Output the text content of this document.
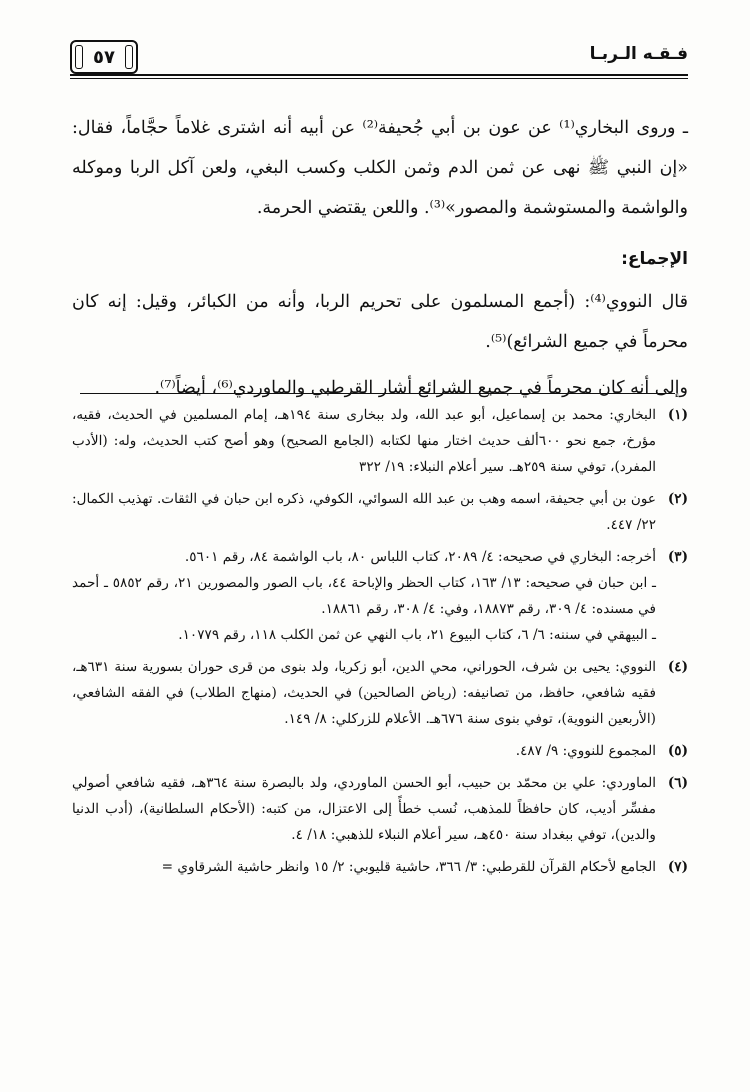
فـقـه الـربـا
٥٧

ـ وروى البخاري⁽¹⁾ عن عون بن أبي جُحيفة⁽²⁾ عن أبيه أنه اشترى غلاماً حجَّاماً، فقال: «إن النبي ﷺ نهى عن ثمن الدم وثمن الكلب وكسب البغي، ولعن آكل الربا وموكله والواشمة والمستوشمة والمصور»⁽³⁾. واللعن يقتضي الحرمة.

الإجماع:

قال النووي⁽⁴⁾: (أجمع المسلمون على تحريم الربا، وأنه من الكبائر، وقيل: إنه كان محرماً في جميع الشرائع)⁽⁵⁾.

وإلى أنه كان محرماً في جميع الشرائع أشار القرطبي والماوردي⁽⁶⁾، أيضاً⁽⁷⁾.

(١)

البخاري: محمد بن إسماعيل، أبو عبد الله، ولد ببخارى سنة ١٩٤هـ، إمام المسلمين في الحديث، فقيه، مؤرخ، جمع نحو ٦٠٠ألف حديث اختار منها لكتابه (الجامع الصحيح) وهو أصح كتب الحديث، وله: (الأدب المفرد)، توفي سنة ٢٥٩هـ. سير أعلام النبلاء: ١٩/ ٣٢٢

(٢)

عون بن أبي جحيفة، اسمه وهب بن عبد الله السوائي، الكوفي، ذكره ابن حبان في الثقات. تهذيب الكمال: ٢٢/ ٤٤٧.

(٣)

أخرجه: البخاري في صحيحه: ٤/ ٢٠٨٩، كتاب اللباس ٨٠، باب الواشمة ٨٤، رقم ٥٦٠١.

ـ ابن حبان في صحيحه: ١٣/ ١٦٣، كتاب الحظر والإباحة ٤٤، باب الصور والمصورين ٢١، رقم ٥٨٥٢ ـ أحمد في مسنده: ٤/ ٣٠٩، رقم ١٨٨٧٣، وفي: ٤/ ٣٠٨، رقم ١٨٨٦١.

ـ البيهقي في سننه: ٦/ ٦، كتاب البيوع ٢١، باب النهي عن ثمن الكلب ١١٨، رقم ١٠٧٧٩.

(٤)

النووي: يحيى بن شرف، الحوراني، محي الدين، أبو زكريا، ولد بنوى من قرى حوران بسورية سنة ٦٣١هـ، فقيه شافعي، حافظ، من تصانيفه: (رياض الصالحين) في الحديث، (منهاج الطلاب) في الفقه الشافعي، (الأربعين النووية)، توفي بنوى سنة ٦٧٦هـ. الأعلام للزركلي: ٨/ ١٤٩.

(٥)

المجموع للنووي: ٩/ ٤٨٧.

(٦)

الماوردي: علي بن محمّد بن حبيب، أبو الحسن الماوردي، ولد بالبصرة سنة ٣٦٤هـ، فقيه شافعي أصولي مفسِّر أديب، كان حافظاً للمذهب، نُسب خطأً إلى الاعتزال، من كتبه: (الأحكام السلطانية)، (أدب الدنيا والدين)، توفي ببغداد سنة ٤٥٠هـ، سير أعلام النبلاء للذهبي: ١٨/ ٤.

(٧)

الجامع لأحكام القرآن للقرطبي: ٣/ ٣٦٦، حاشية قليوبي: ٢/ ١٥ وانظر حاشية الشرقاوي =
